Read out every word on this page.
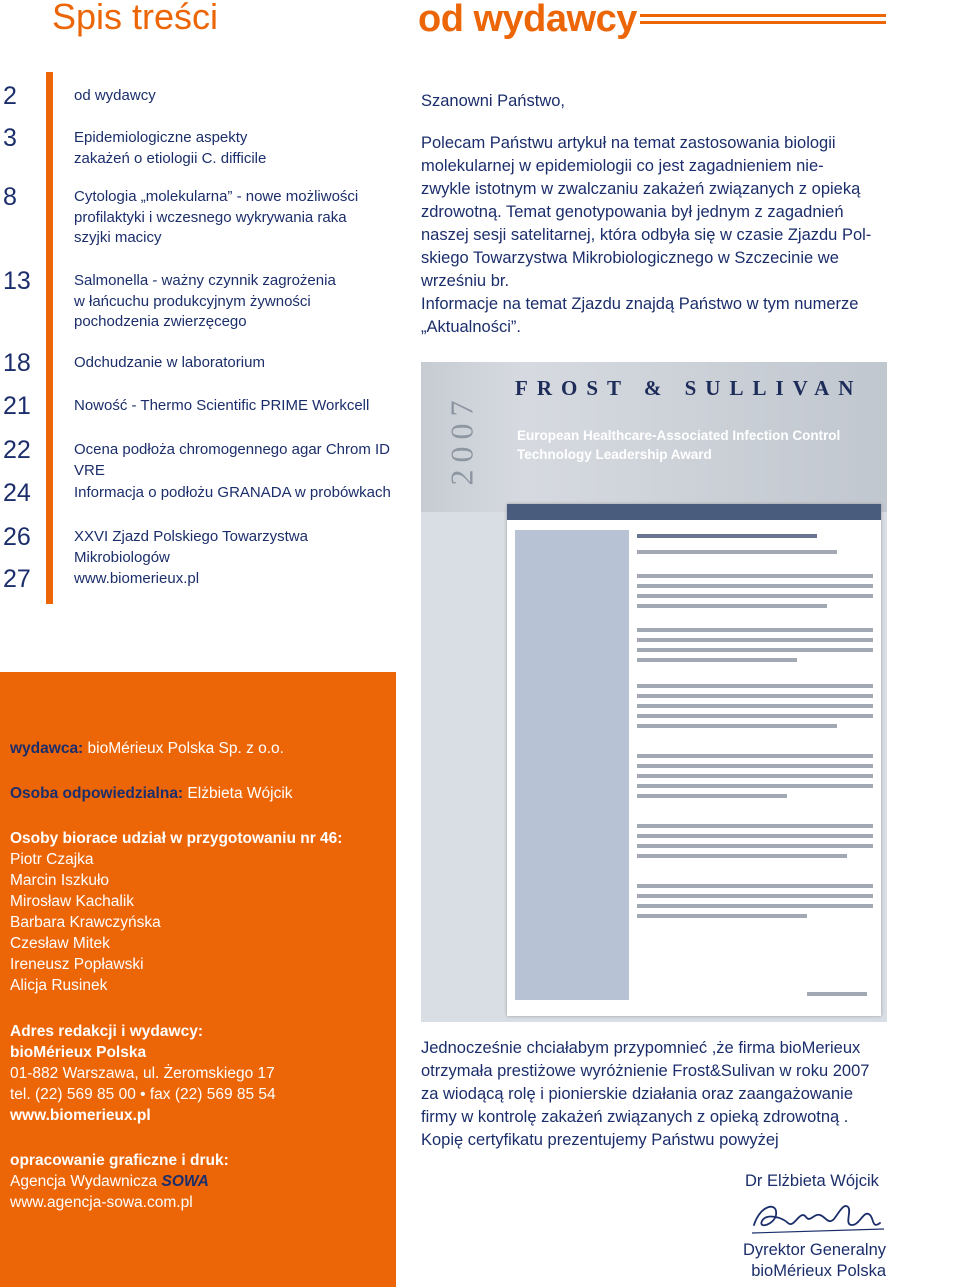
Spis treści
2	od wydawcy
3	Epidemiologiczne aspekty
zakażeń o etiologii C. difficile
8	Cytologia „molekularna” - nowe możliwości
profilaktyki i wczesnego wykrywania raka
szyjki macicy
13	Salmonella - ważny czynnik zagrożenia
w łańcuchu produkcyjnym żywności
pochodzenia zwierzęcego
18	Odchudzanie w laboratorium
21	Nowość - Thermo Scientific PRIME Workcell
22	Ocena podłoża chromogennego agar Chrom ID VRE
24	Informacja o podłożu GRANADA w probówkach
26	XXVI Zjazd Polskiego Towarzystwa Mikrobiologów
27	www.biomerieux.pl
od wydawcy
Szanowni Państwo,

Polecam Państwu artykuł na temat zastosowania biologii
molekularnej w epidemiologii co jest zagadnieniem nie-
zwykle istotnym w zwalczaniu zakażeń związanych z opieką
zdrowotną. Temat genotypowania był jednym z zagadnień
naszej sesji satelitarnej, która odbyła się w czasie Zjazdu Pol-
skiego Towarzystwa Mikrobiologicznego w Szczecinie we
wrześniu br.
Informacje na temat Zjazdu znajdą Państwo w tym numerze
„Aktualności”.

2007
FROST & SULLIVAN
European Healthcare-Associated Infection Control
Technology Leadership Award

Jednocześnie chciałabym przypomnieć ,że firma bioMerieux
otrzymała prestiżowe wyróżnienie Frost&Sulivan w roku 2007
za wiodącą rolę i pionierskie działania oraz zaangażowanie
firmy w kontrolę zakażeń związanych z opieką zdrowotną .
Kopię certyfikatu prezentujemy Państwu powyżej

Dr Elżbieta Wójcik

Dyrektor Generalny
bioMérieux Polska

wydawca: bioMérieux Polska Sp. z o.o.

Osoba odpowiedzialna: Elżbieta Wójcik

Osoby biorace udział w przygotowaniu nr 46:
Piotr Czajka
Marcin Iszkuło
Mirosław Kachalik
Barbara Krawczyńska
Czesław Mitek
Ireneusz Popławski
Alicja Rusinek

Adres redakcji i wydawcy:
bioMérieux Polska
01-882 Warszawa, ul. Żeromskiego 17
tel. (22) 569 85 00 • fax (22) 569 85 54
www.biomerieux.pl

opracowanie graficzne i druk:
Agencja Wydawnicza SOWA
www.agencja-sowa.com.pl
